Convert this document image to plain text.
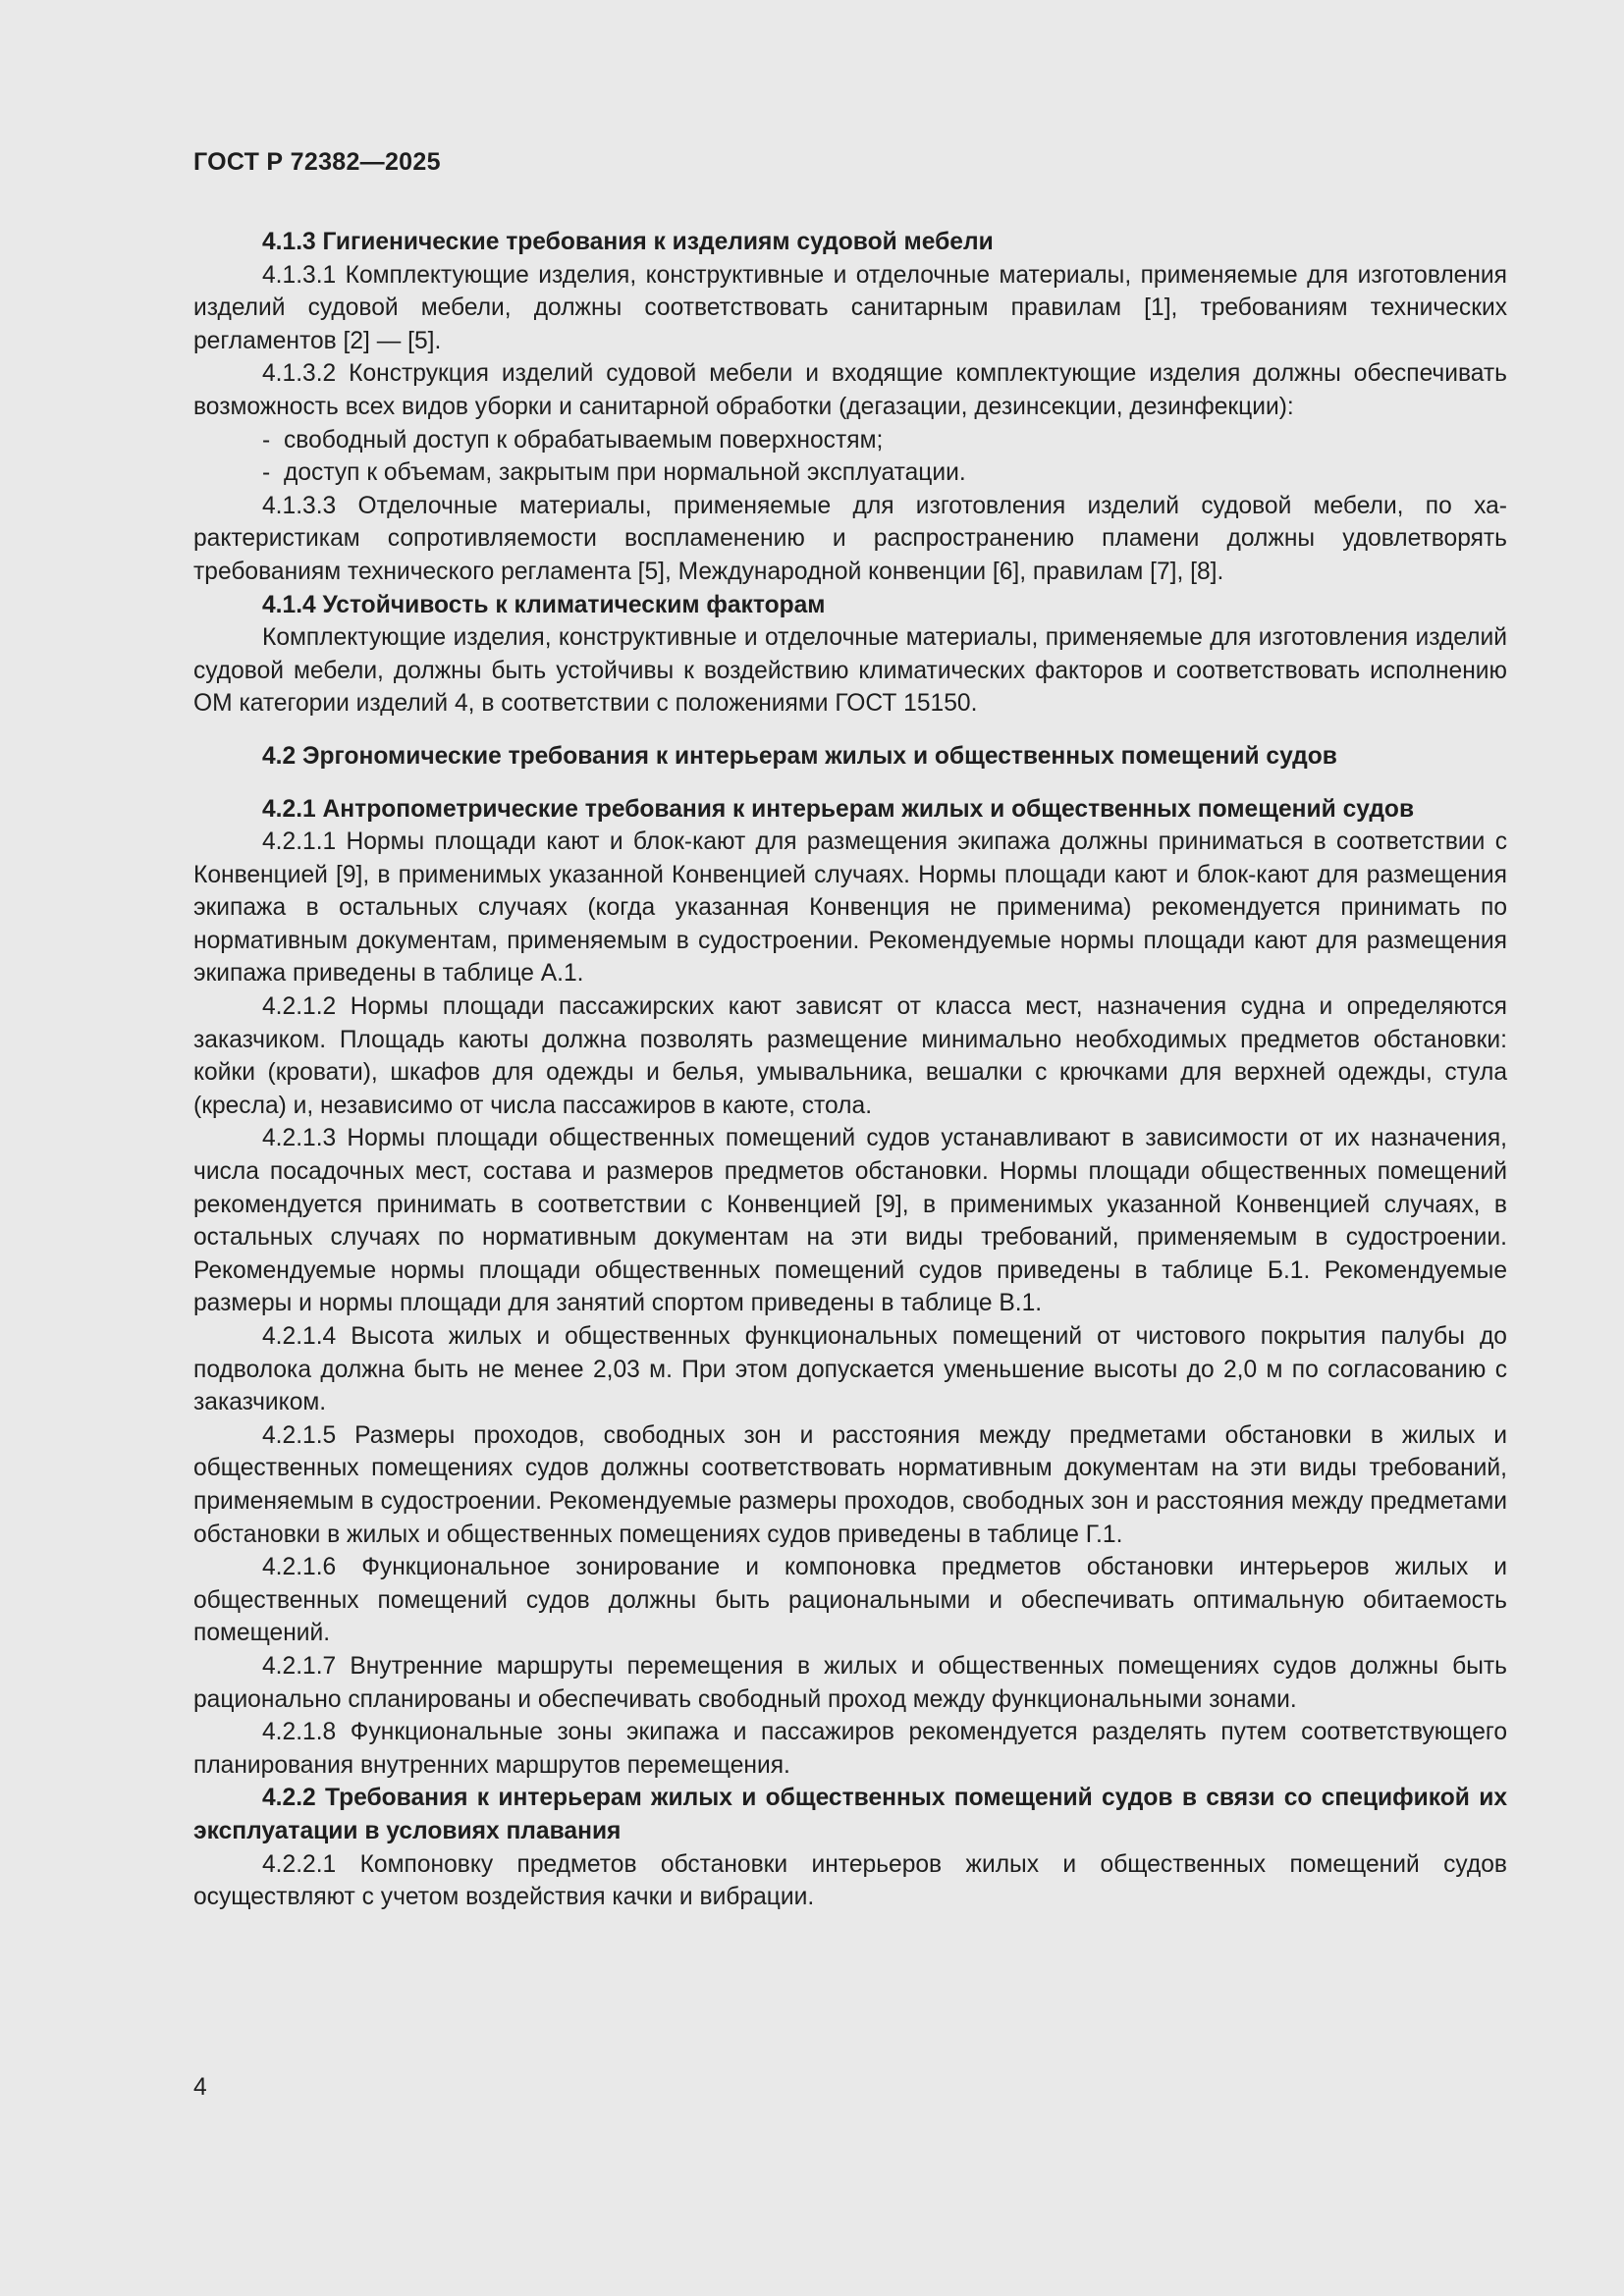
ГОСТ Р 72382—2025

4.1.3 Гигиенические требования к изделиям судовой мебели

4.1.3.1 Комплектующие изделия, конструктивные и отделочные материалы, применяемые для изготовления изделий судовой мебели, должны соответствовать санитарным правилам [1], требованиям технических регламентов [2] — [5].

4.1.3.2 Конструкция изделий судовой мебели и входящие комплектующие изделия должны обеспечивать возможность всех видов уборки и санитарной обработки (дегазации, дезинсекции, дезинфекции):

- свободный доступ к обрабатываемым поверхностям;

- доступ к объемам, закрытым при нормальной эксплуатации.

4.1.3.3 Отделочные материалы, применяемые для изготовления изделий судовой мебели, по характеристикам сопротивляемости воспламенению и распространению пламени должны удовлетворять требованиям технического регламента [5], Международной конвенции [6], правилам [7], [8].

4.1.4 Устойчивость к климатическим факторам

Комплектующие изделия, конструктивные и отделочные материалы, применяемые для изготовления изделий судовой мебели, должны быть устойчивы к воздействию климатических факторов и соответствовать исполнению ОМ категории изделий 4, в соответствии с положениями ГОСТ 15150.

4.2 Эргономические требования к интерьерам жилых и общественных помещений судов

4.2.1 Антропометрические требования к интерьерам жилых и общественных помещений судов

4.2.1.1 Нормы площади кают и блок-кают для размещения экипажа должны приниматься в соответствии с Конвенцией [9], в применимых указанной Конвенцией случаях. Нормы площади кают и блок-кают для размещения экипажа в остальных случаях (когда указанная Конвенция не применима) рекомендуется принимать по нормативным документам, применяемым в судостроении. Рекомендуемые нормы площади кают для размещения экипажа приведены в таблице А.1.

4.2.1.2 Нормы площади пассажирских кают зависят от класса мест, назначения судна и определяются заказчиком. Площадь каюты должна позволять размещение минимально необходимых предметов обстановки: койки (кровати), шкафов для одежды и белья, умывальника, вешалки с крючками для верхней одежды, стула (кресла) и, независимо от числа пассажиров в каюте, стола.

4.2.1.3 Нормы площади общественных помещений судов устанавливают в зависимости от их назначения, числа посадочных мест, состава и размеров предметов обстановки. Нормы площади общественных помещений рекомендуется принимать в соответствии с Конвенцией [9], в применимых указанной Конвенцией случаях, в остальных случаях по нормативным документам на эти виды требований, применяемым в судостроении. Рекомендуемые нормы площади общественных помещений судов приведены в таблице Б.1. Рекомендуемые размеры и нормы площади для занятий спортом приведены в таблице В.1.

4.2.1.4 Высота жилых и общественных функциональных помещений от чистового покрытия палубы до подволока должна быть не менее 2,03 м. При этом допускается уменьшение высоты до 2,0 м по согласованию с заказчиком.

4.2.1.5 Размеры проходов, свободных зон и расстояния между предметами обстановки в жилых и общественных помещениях судов должны соответствовать нормативным документам на эти виды требований, применяемым в судостроении. Рекомендуемые размеры проходов, свободных зон и расстояния между предметами обстановки в жилых и общественных помещениях судов приведены в таблице Г.1.

4.2.1.6 Функциональное зонирование и компоновка предметов обстановки интерьеров жилых и общественных помещений судов должны быть рациональными и обеспечивать оптимальную обитаемость помещений.

4.2.1.7 Внутренние маршруты перемещения в жилых и общественных помещениях судов должны быть рационально спланированы и обеспечивать свободный проход между функциональными зонами.

4.2.1.8 Функциональные зоны экипажа и пассажиров рекомендуется разделять путем соответствующего планирования внутренних маршрутов перемещения.

4.2.2 Требования к интерьерам жилых и общественных помещений судов в связи со спецификой их эксплуатации в условиях плавания

4.2.2.1 Компоновку предметов обстановки интерьеров жилых и общественных помещений судов осуществляют с учетом воздействия качки и вибрации.

4
